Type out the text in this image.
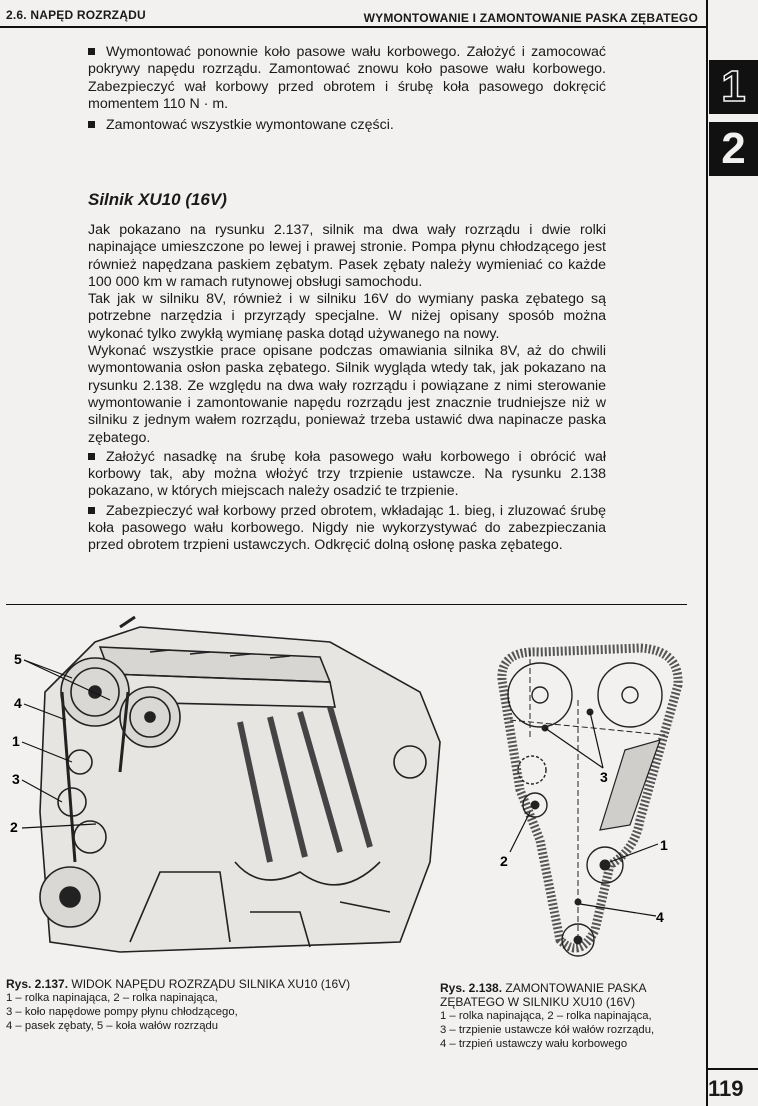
2.6. NAPĘD ROZRZĄDU	WYMONTOWANIE I ZAMONTOWANIE PASKA ZĘBATEGO
1
2

Wymontować ponownie koło pasowe wału korbowego. Założyć i zamocować pokrywy napędu rozrządu. Zamontować znowu koło pasowe wału korbowego. Zabezpieczyć wał korbowy przed obrotem i śrubę koła pasowego dokręcić momentem 110 N · m.

Zamontować wszystkie wymontowane części.

Silnik XU10 (16V)

Jak pokazano na rysunku 2.137, silnik ma dwa wały rozrządu i dwie rolki napinające umieszczone po lewej i prawej stronie. Pompa płynu chłodzącego jest również napędzana paskiem zębatym. Pasek zębaty należy wymieniać co każde 100 000 km w ramach rutynowej obsługi samochodu.

Tak jak w silniku 8V, również i w silniku 16V do wymiany paska zębatego są potrzebne narzędzia i przyrządy specjalne. W niżej opisany sposób można wykonać tylko zwykłą wymianę paska dotąd używanego na nowy.

Wykonać wszystkie prace opisane podczas omawiania silnika 8V, aż do chwili wymontowania osłon paska zębatego. Silnik wygląda wtedy tak, jak pokazano na rysunku 2.138. Ze względu na dwa wały rozrządu i powiązane z nimi sterowanie wymontowanie i zamontowanie napędu rozrządu jest znacznie trudniejsze niż w silniku z jednym wałem rozrządu, ponieważ trzeba ustawić dwa napinacze paska zębatego.

Założyć nasadkę na śrubę koła pasowego wału korbowego i obrócić wał korbowy tak, aby można włożyć trzy trzpienie ustawcze. Na rysunku 2.138 pokazano, w których miejscach należy osadzić te trzpienie.

Zabezpieczyć wał korbowy przed obrotem, wkładając 1. bieg, i zluzować śrubę koła pasowego wału korbowego. Nigdy nie wykorzystywać do zabezpieczania przed obrotem trzpieni ustawczych. Odkręcić dolną osłonę paska zębatego.

5
4
1
3
2
3
2
1
4
Rys. 2.137. WIDOK NAPĘDU ROZRZĄDU SILNIKA XU10 (16V)
1 – rolka napinająca, 2 – rolka napinająca,
3 – koło napędowe pompy płynu chłodzącego,
4 – pasek zębaty, 5 – koła wałów rozrządu
Rys. 2.138. ZAMONTOWANIE PASKA
ZĘBATEGO W SILNIKU XU10 (16V)
1 – rolka napinająca, 2 – rolka napinająca,
3 – trzpienie ustawcze kół wałów rozrządu,
4 – trzpień ustawczy wału korbowego
119
